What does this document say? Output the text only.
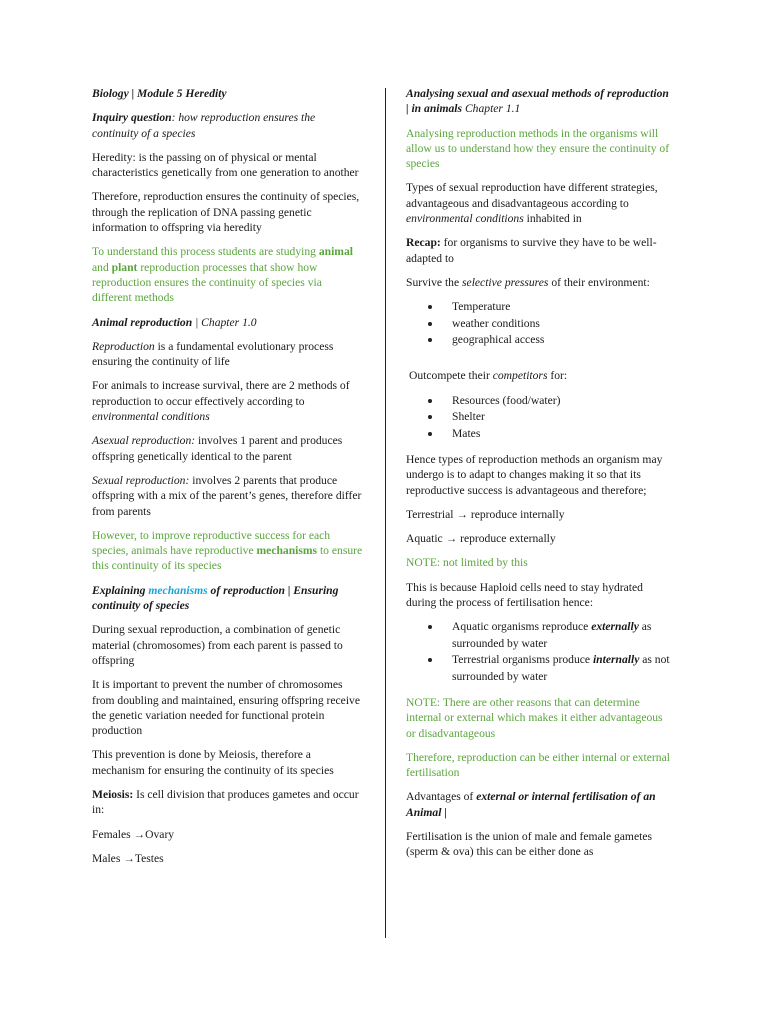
Biology | Module 5 Heredity

Inquiry question: how reproduction ensures the continuity of a species

Heredity: is the passing on of physical or mental characteristics genetically from one generation to another

Therefore, reproduction ensures the continuity of species, through the replication of DNA passing genetic information to offspring via heredity

To understand this process students are studying animal and plant reproduction processes that show how reproduction ensures the continuity of species via different methods

Animal reproduction | Chapter 1.0

Reproduction is a fundamental evolutionary process ensuring the continuity of life

For animals to increase survival, there are 2 methods of reproduction to occur effectively according to environmental conditions

Asexual reproduction: involves 1 parent and produces offspring genetically identical to the parent

Sexual reproduction: involves 2 parents that produce offspring with a mix of the parent’s genes, therefore differ from parents

However, to improve reproductive success for each species, animals have reproductive mechanisms to ensure this continuity of its species

Explaining mechanisms of reproduction | Ensuring continuity of species

During sexual reproduction, a combination of genetic material (chromosomes) from each parent is passed to offspring

It is important to prevent the number of chromosomes from doubling and maintained, ensuring offspring receive the genetic variation needed for functional protein production

This prevention is done by Meiosis, therefore a mechanism for ensuring the continuity of its species

Meiosis: Is cell division that produces gametes and occur in:

Females →Ovary

Males →Testes

Analysing sexual and asexual methods of reproduction | in animals Chapter 1.1

Analysing reproduction methods in the organisms will allow us to understand how they ensure the continuity of species

Types of sexual reproduction have different strategies, advantageous and disadvantageous according to environmental conditions inhabited in

Recap: for organisms to survive they have to be well-adapted to

Survive the selective pressures of their environment:

Temperature
weather conditions
geographical access

Outcompete their competitors for:

Resources (food/water)
Shelter
Mates

Hence types of reproduction methods an organism may undergo is to adapt to changes making it so that its reproductive success is advantageous and therefore;

Terrestrial → reproduce internally

Aquatic → reproduce externally

NOTE: not limited by this

This is because Haploid cells need to stay hydrated during the process of fertilisation hence:

Aquatic organisms reproduce externally as surrounded by water
Terrestrial organisms produce internally as not surrounded by water

NOTE: There are other reasons that can determine internal or external which makes it either advantageous or disadvantageous

Therefore, reproduction can be either internal or external fertilisation

Advantages of external or internal fertilisation of an Animal |

Fertilisation is the union of male and female gametes (sperm & ova) this can be either done as
